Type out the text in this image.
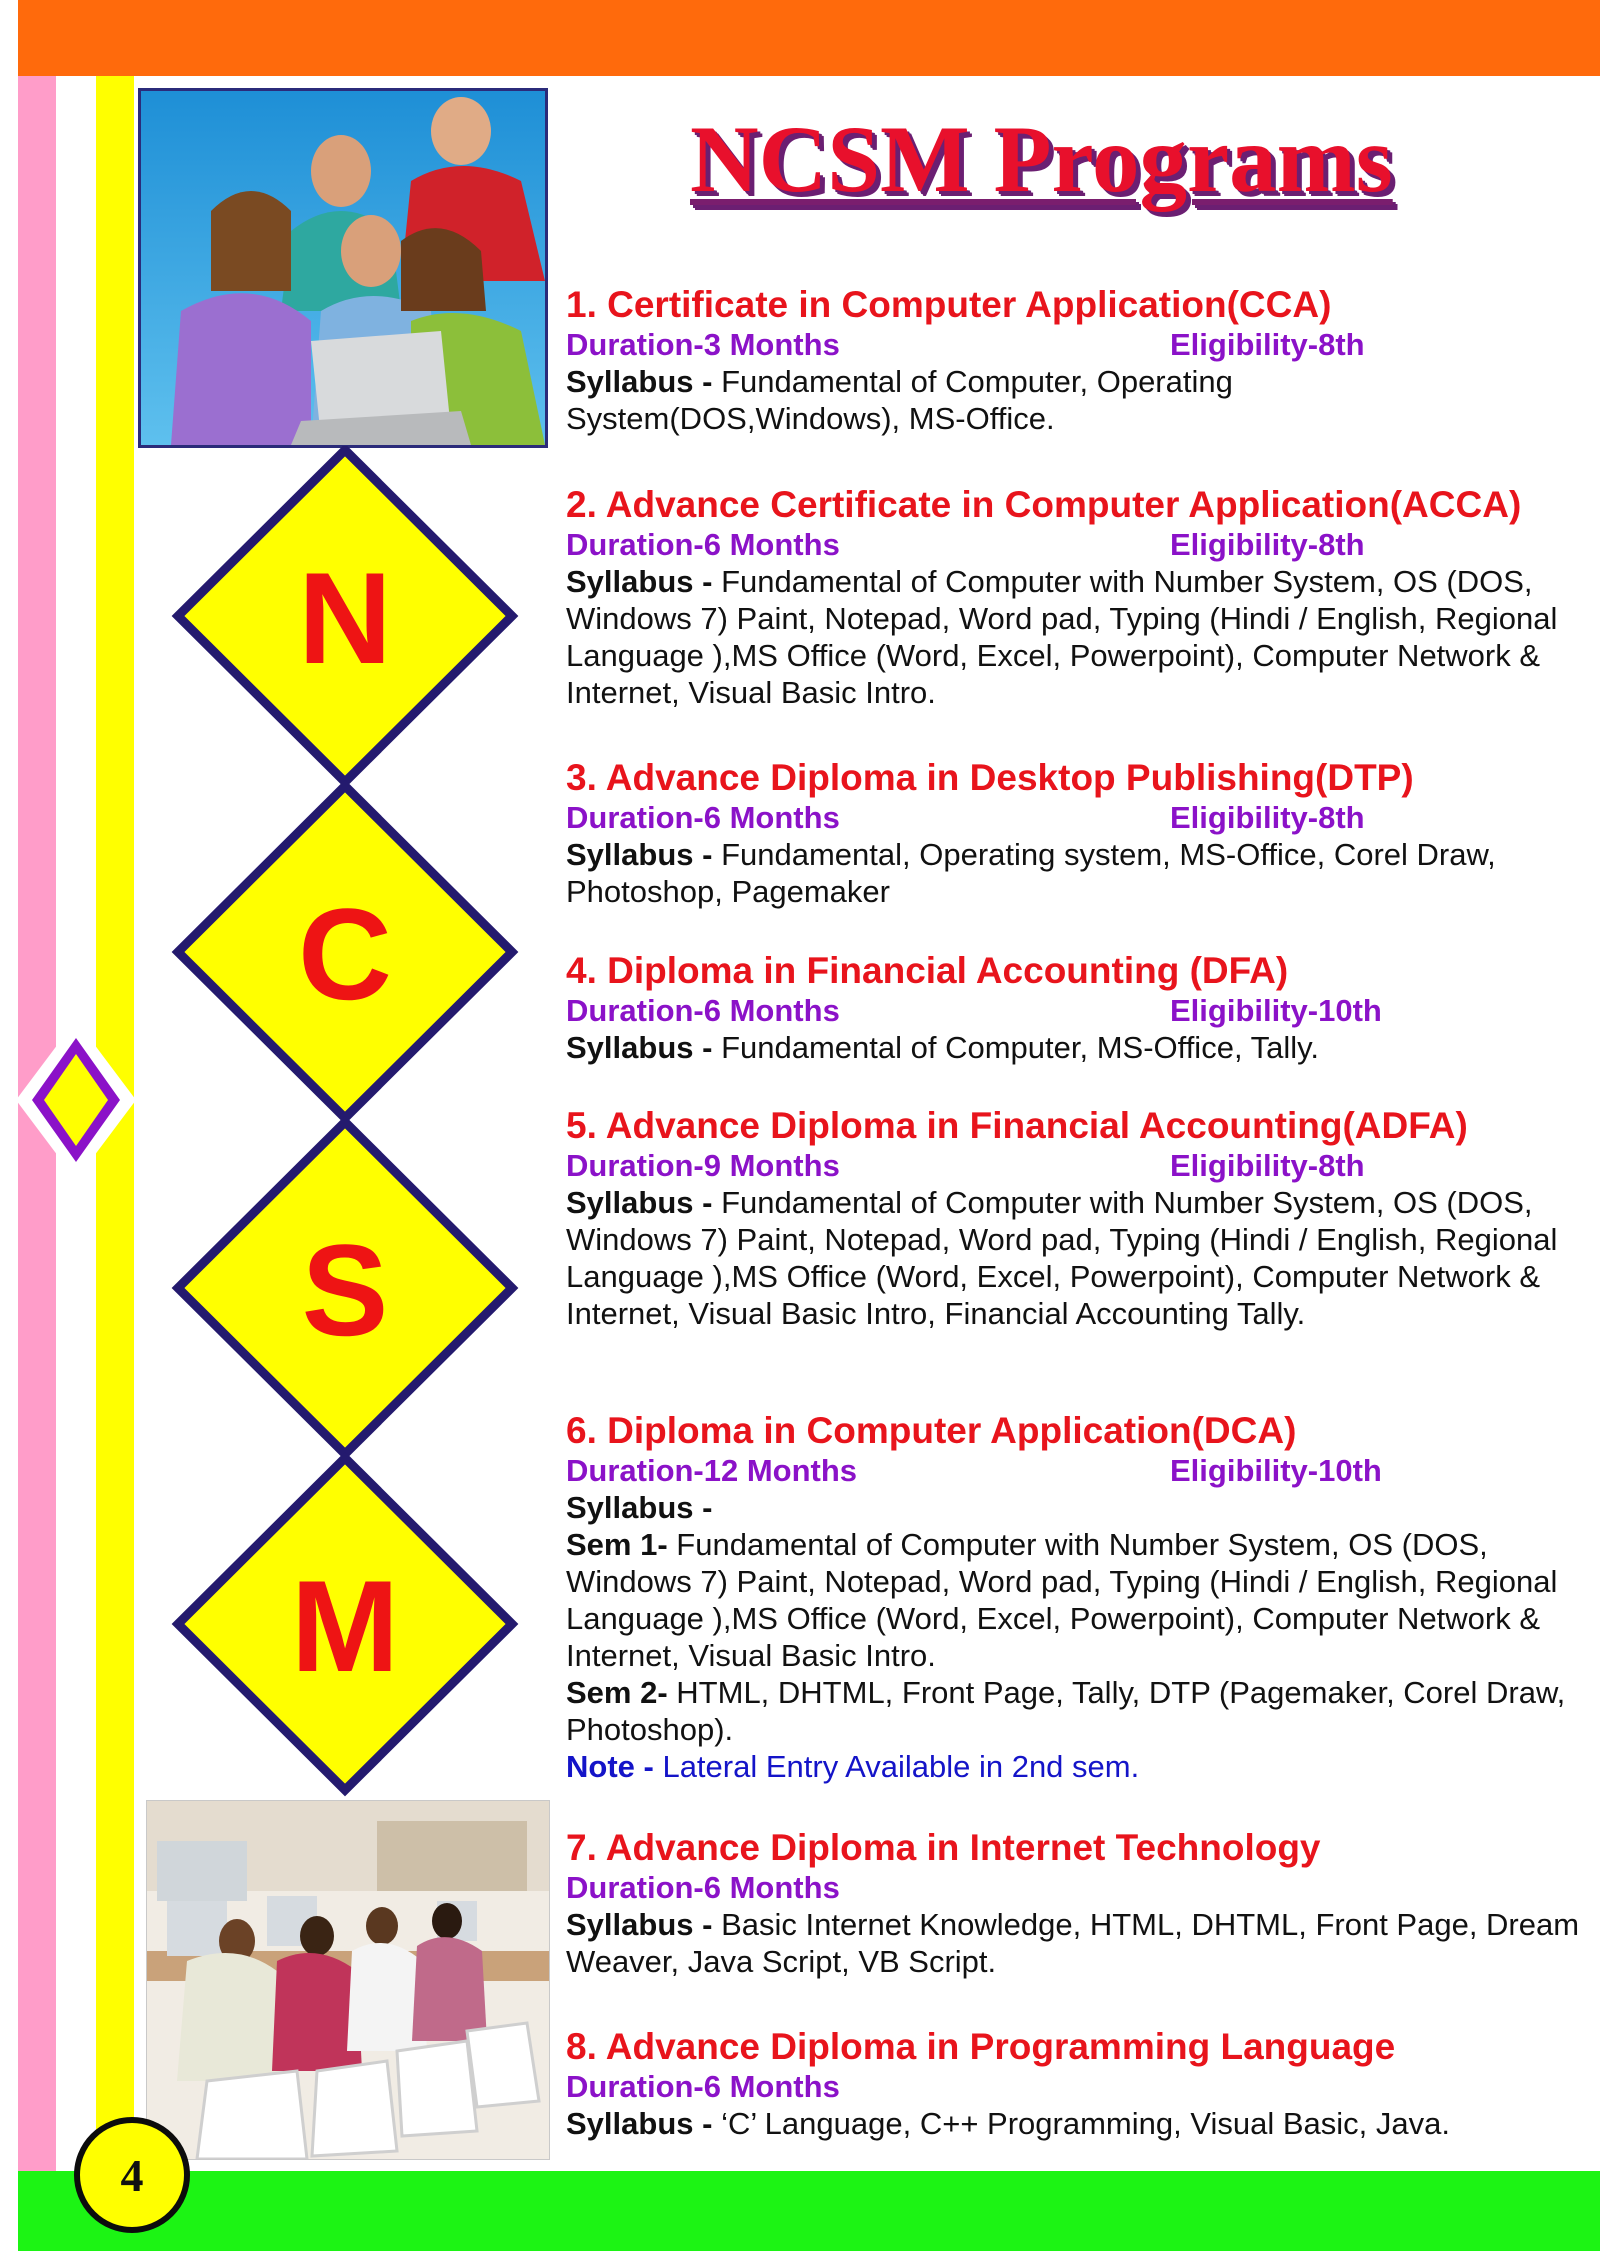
N
C
S
M
4
NCSM Programs
1. Certificate in Computer Application(CCA)
Duration-3 Months	Eligibility-8th
Syllabus - Fundamental of Computer, Operating System(DOS,Windows), MS-Office.
2. Advance Certificate in Computer Application(ACCA)
Duration-6 Months	Eligibility-8th
Syllabus - Fundamental of Computer with Number System, OS (DOS, Windows 7) Paint, Notepad, Word pad, Typing (Hindi / English, Regional Language ),MS Office (Word, Excel, Powerpoint), Computer Network & Internet, Visual Basic Intro.
3. Advance Diploma in Desktop Publishing(DTP)
Duration-6 Months	Eligibility-8th
Syllabus - Fundamental, Operating system, MS-Office, Corel Draw, Photoshop, Pagemaker
4. Diploma in Financial Accounting (DFA)
Duration-6 Months	Eligibility-10th
Syllabus - Fundamental of Computer, MS-Office, Tally.
5. Advance Diploma in Financial Accounting(ADFA)
Duration-9 Months	Eligibility-8th
Syllabus - Fundamental of Computer with Number System, OS (DOS, Windows 7) Paint, Notepad, Word pad, Typing (Hindi / English, Regional Language ),MS Office (Word, Excel, Powerpoint), Computer Network & Internet, Visual Basic Intro, Financial Accounting Tally.
6. Diploma in Computer Application(DCA)
Duration-12 Months	Eligibility-10th
Syllabus -
Sem 1- Fundamental of Computer with Number System, OS (DOS, Windows 7) Paint, Notepad, Word pad, Typing (Hindi / English, Regional Language ),MS Office (Word, Excel, Powerpoint), Computer Network & Internet, Visual Basic Intro.
Sem 2- HTML, DHTML, Front Page, Tally, DTP (Pagemaker, Corel Draw, Photoshop).
Note - Lateral Entry Available in 2nd sem.
7. Advance Diploma in Internet Technology
Duration-6 Months
Syllabus - Basic Internet Knowledge, HTML, DHTML, Front Page, Dream Weaver, Java Script, VB Script.
8. Advance Diploma in Programming Language
Duration-6 Months
Syllabus - ‘C’ Language, C++ Programming, Visual Basic, Java.
